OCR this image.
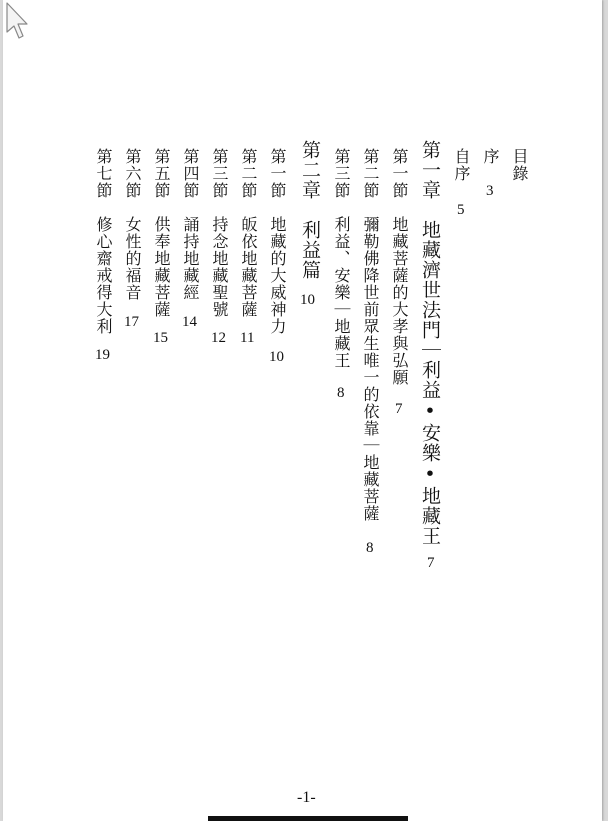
目錄
序
3
自序
5
第一章　地藏濟世法門｜利益•安樂•地藏王
7
第一節　地藏菩薩的大孝與弘願
7
第二節　彌勒佛降世前眾生唯一的依靠｜地藏菩薩
8
第三節　利益、安樂｜地藏王
8
第二章　利益篇
10
第一節　地藏的大威神力
10
第二節　皈依地藏菩薩
11
第三節　持念地藏聖號
12
第四節　誦持地藏經
14
第五節　供奉地藏菩薩
15
第六節　女性的福音
17
第七節　修心齋戒得大利
19
-1-
